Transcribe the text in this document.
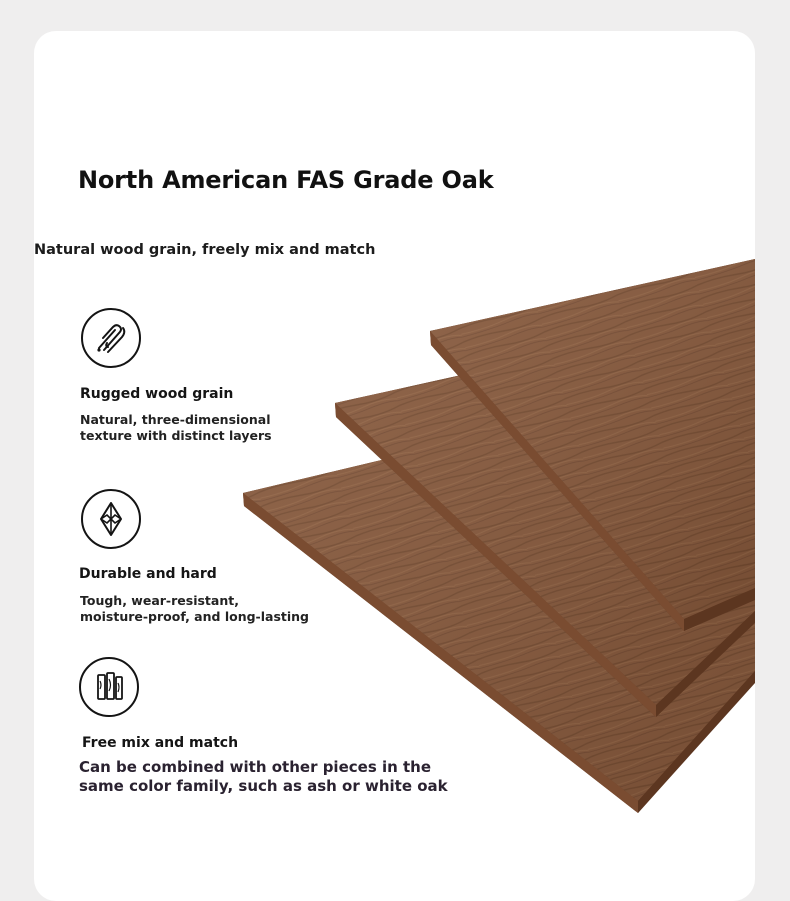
North American FAS Grade Oak

Natural wood grain, freely mix and match

Rugged wood grain
Natural, three-dimensional
texture with distinct layers
Durable and hard
Tough, wear-resistant,
moisture-proof, and long-lasting
Free mix and match
Can be combined with other pieces in the
same color family, such as ash or white oak
